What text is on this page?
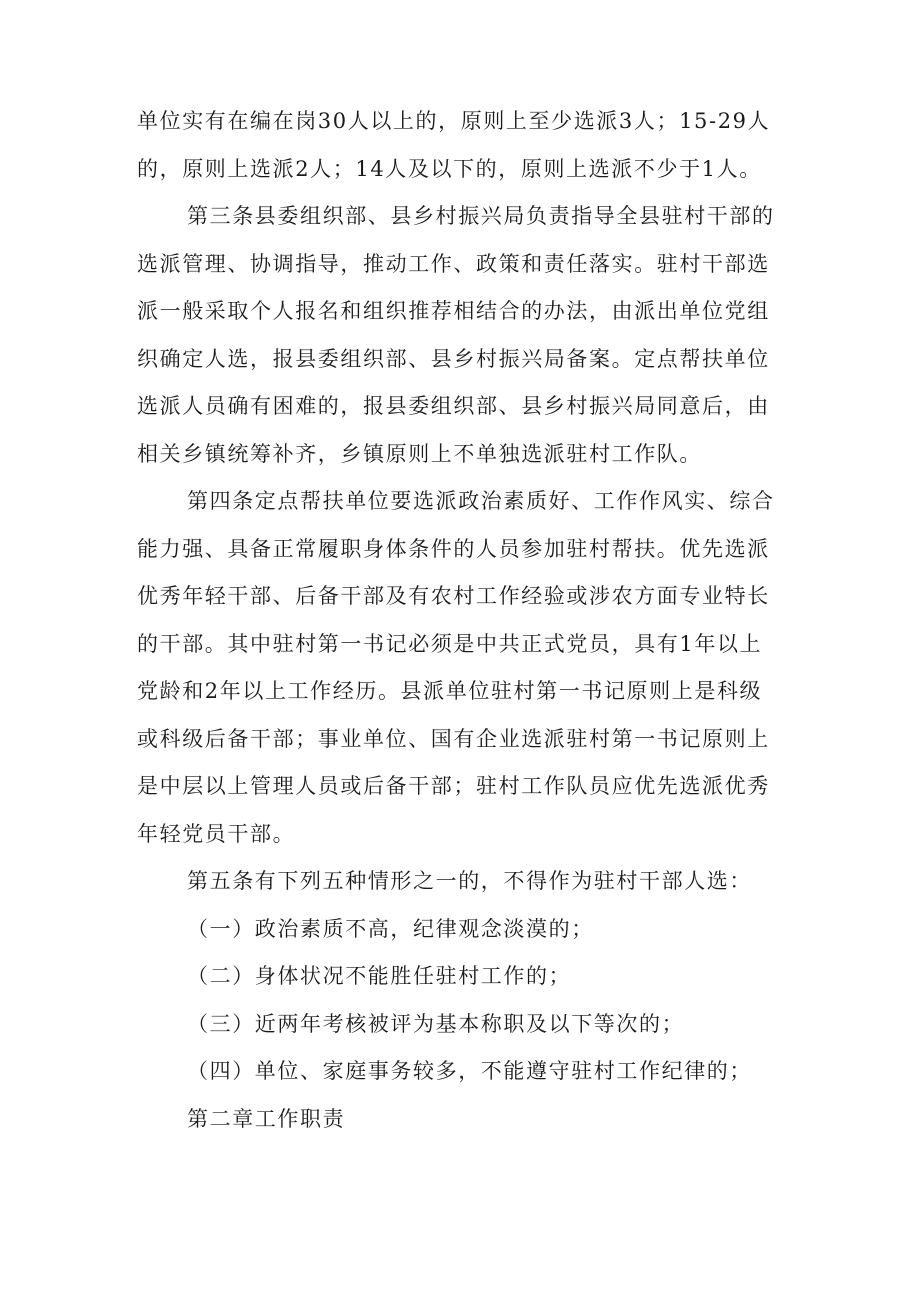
单位实有在编在岗30人以上的，原则上至少选派3人；15-29人
的，原则上选派2人；14人及以下的，原则上选派不少于1人。

第三条县委组织部、县乡村振兴局负责指导全县驻村干部的
选派管理、协调指导，推动工作、政策和责任落实。驻村干部选
派一般采取个人报名和组织推荐相结合的办法，由派出单位党组
织确定人选，报县委组织部、县乡村振兴局备案。定点帮扶单位
选派人员确有困难的，报县委组织部、县乡村振兴局同意后，由
相关乡镇统筹补齐，乡镇原则上不单独选派驻村工作队。

第四条定点帮扶单位要选派政治素质好、工作作风实、综合
能力强、具备正常履职身体条件的人员参加驻村帮扶。优先选派
优秀年轻干部、后备干部及有农村工作经验或涉农方面专业特长
的干部。其中驻村第一书记必须是中共正式党员，具有1年以上
党龄和2年以上工作经历。县派单位驻村第一书记原则上是科级
或科级后备干部；事业单位、国有企业选派驻村第一书记原则上
是中层以上管理人员或后备干部；驻村工作队员应优先选派优秀
年轻党员干部。

第五条有下列五种情形之一的，不得作为驻村干部人选：

（一）政治素质不高，纪律观念淡漠的；

（二）身体状况不能胜任驻村工作的；

（三）近两年考核被评为基本称职及以下等次的；

（四）单位、家庭事务较多，不能遵守驻村工作纪律的；

第二章工作职责
